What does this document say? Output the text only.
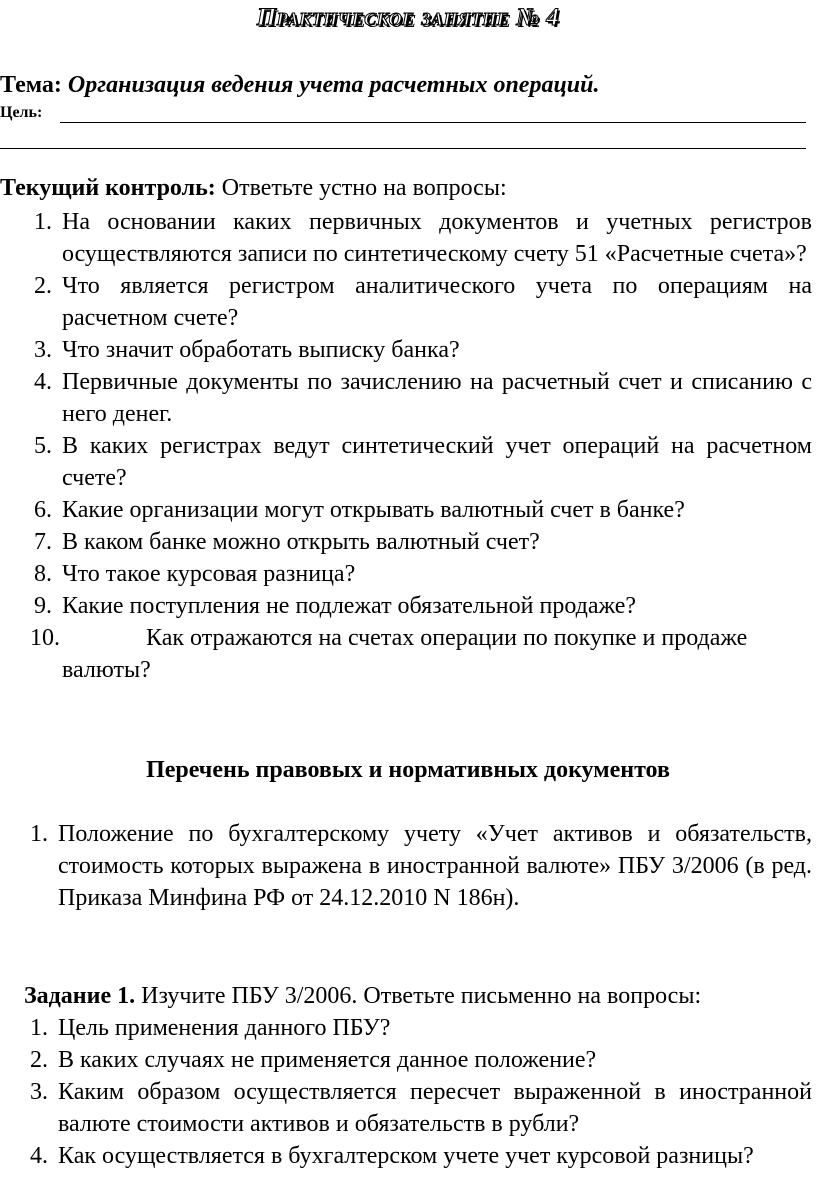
Практическое занятие № 4
Тема: Организация ведения учета расчетных операций.
Цель:
Текущий контроль: Ответьте устно на вопросы:
1. На основании каких первичных документов и учетных регистров осуществляются записи по синтетическому счету 51 «Расчетные счета»?
2. Что является регистром аналитического учета по операциям на расчетном счете?
3. Что значит обработать выписку банка?
4. Первичные документы по зачислению на расчетный счет и списанию с него денег.
5. В каких регистрах ведут синтетический учет операций на расчетном счете?
6. Какие организации могут открывать валютный счет в банке?
7. В каком банке можно открыть валютный счет?
8. Что такое курсовая разница?
9. Какие поступления не подлежат обязательной продаже?
10.	Как отражаются на счетах операции по покупке и продаже валюты?
Перечень правовых и нормативных документов
1. Положение по бухгалтерскому учету «Учет активов и обязательств, стоимость которых выражена в иностранной валюте» ПБУ 3/2006 (в ред. Приказа Минфина РФ от 24.12.2010 N 186н).
Задание 1. Изучите ПБУ 3/2006. Ответьте письменно на вопросы:
1. Цель применения данного ПБУ?
2. В каких случаях не применяется данное положение?
3. Каким образом осуществляется пересчет выраженной в иностранной валюте стоимости активов и обязательств в рубли?
4. Как осуществляется в бухгалтерском учете учет курсовой разницы?
